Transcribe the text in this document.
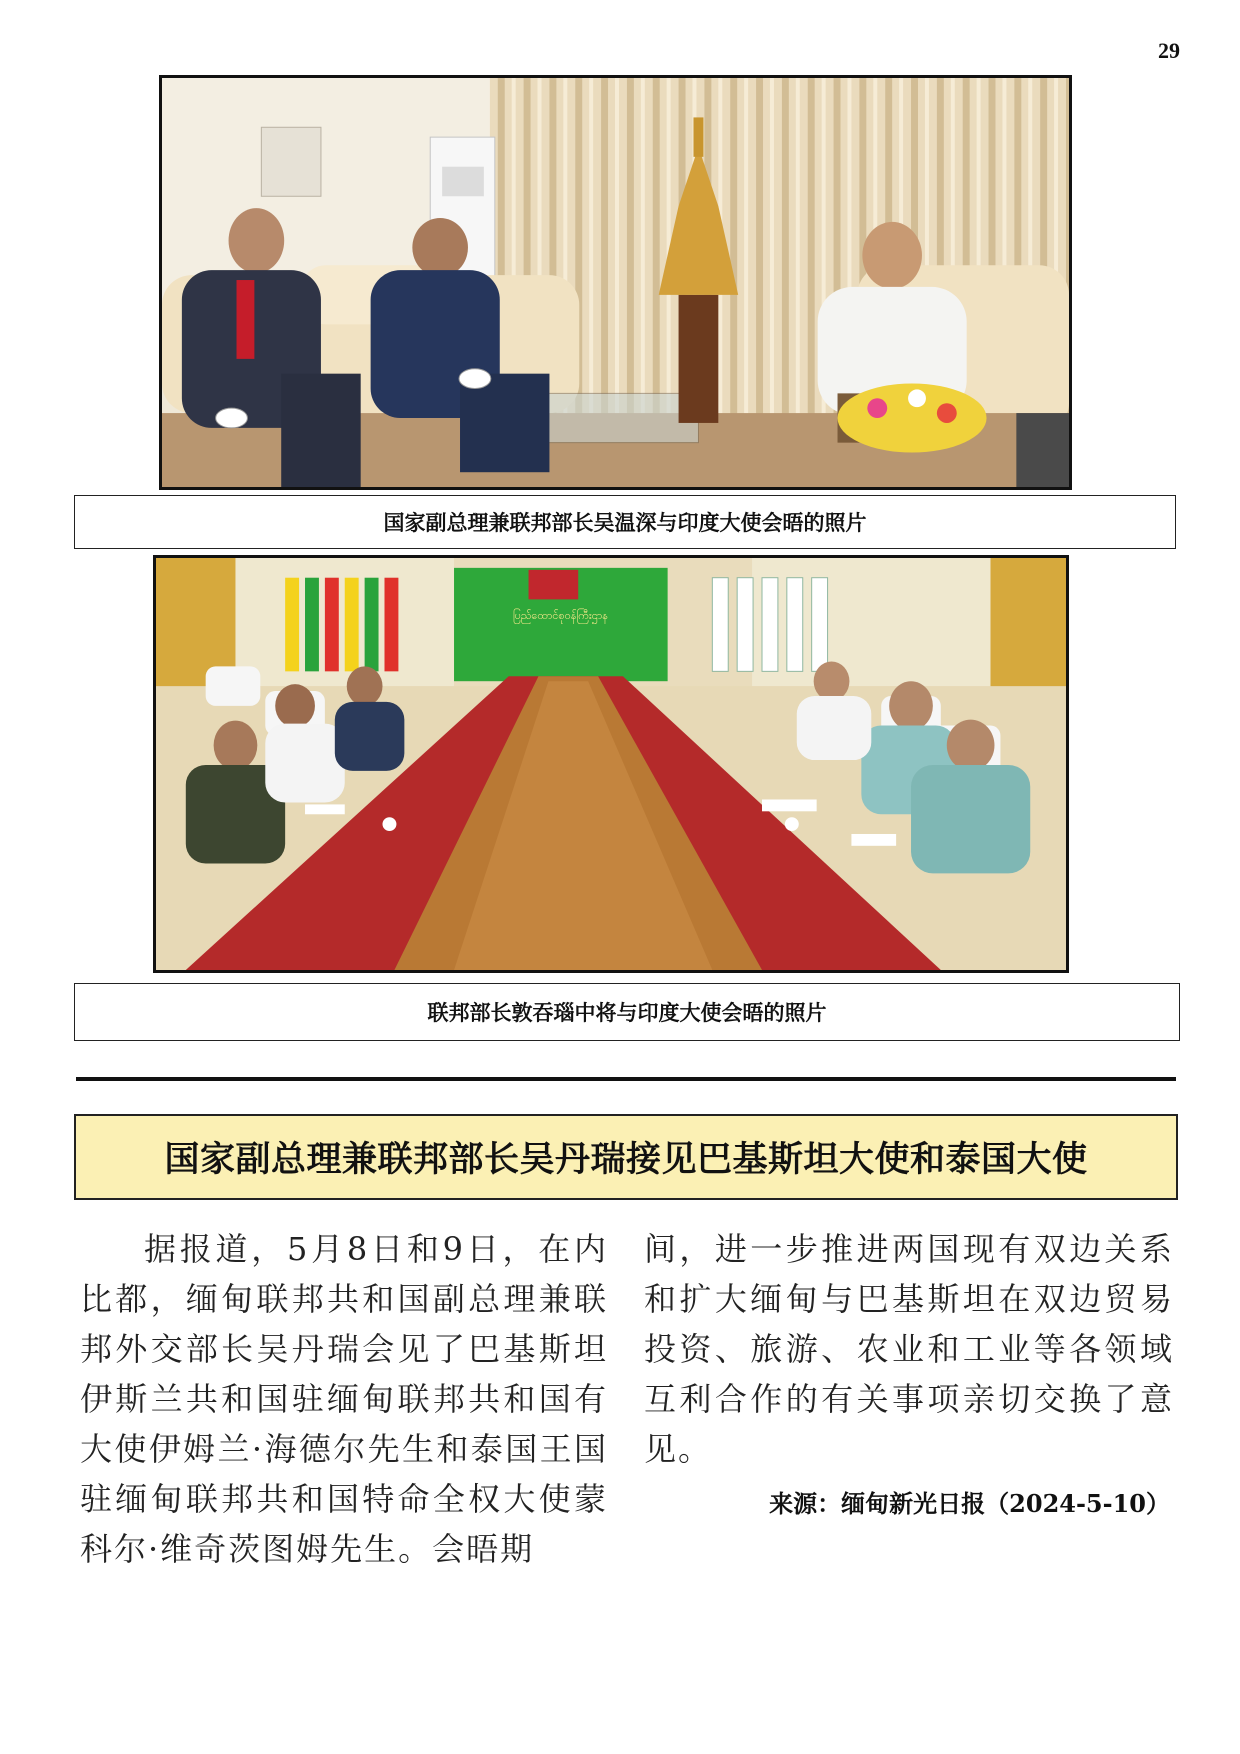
29
国家副总理兼联邦部长吴温深与印度大使会晤的照片
ပြည်ထောင်စုဝန်ကြီးဌာန
联邦部长敦吞瑙中将与印度大使会晤的照片
国家副总理兼联邦部长吴丹瑞接见巴基斯坦大使和泰国大使

据报道，5月8日和9日，在内比都，缅甸联邦共和国副总理兼联邦外交部长吴丹瑞会见了巴基斯坦伊斯兰共和国驻缅甸联邦共和国有大使伊姆兰·海德尔先生和泰国王国驻缅甸联邦共和国特命全权大使蒙科尔·维奇茨图姆先生。会晤期

间，进一步推进两国现有双边关系和扩大缅甸与巴基斯坦在双边贸易投资、旅游、农业和工业等各领域互利合作的有关事项亲切交换了意见。

来源：缅甸新光日报（2024-5-10）
